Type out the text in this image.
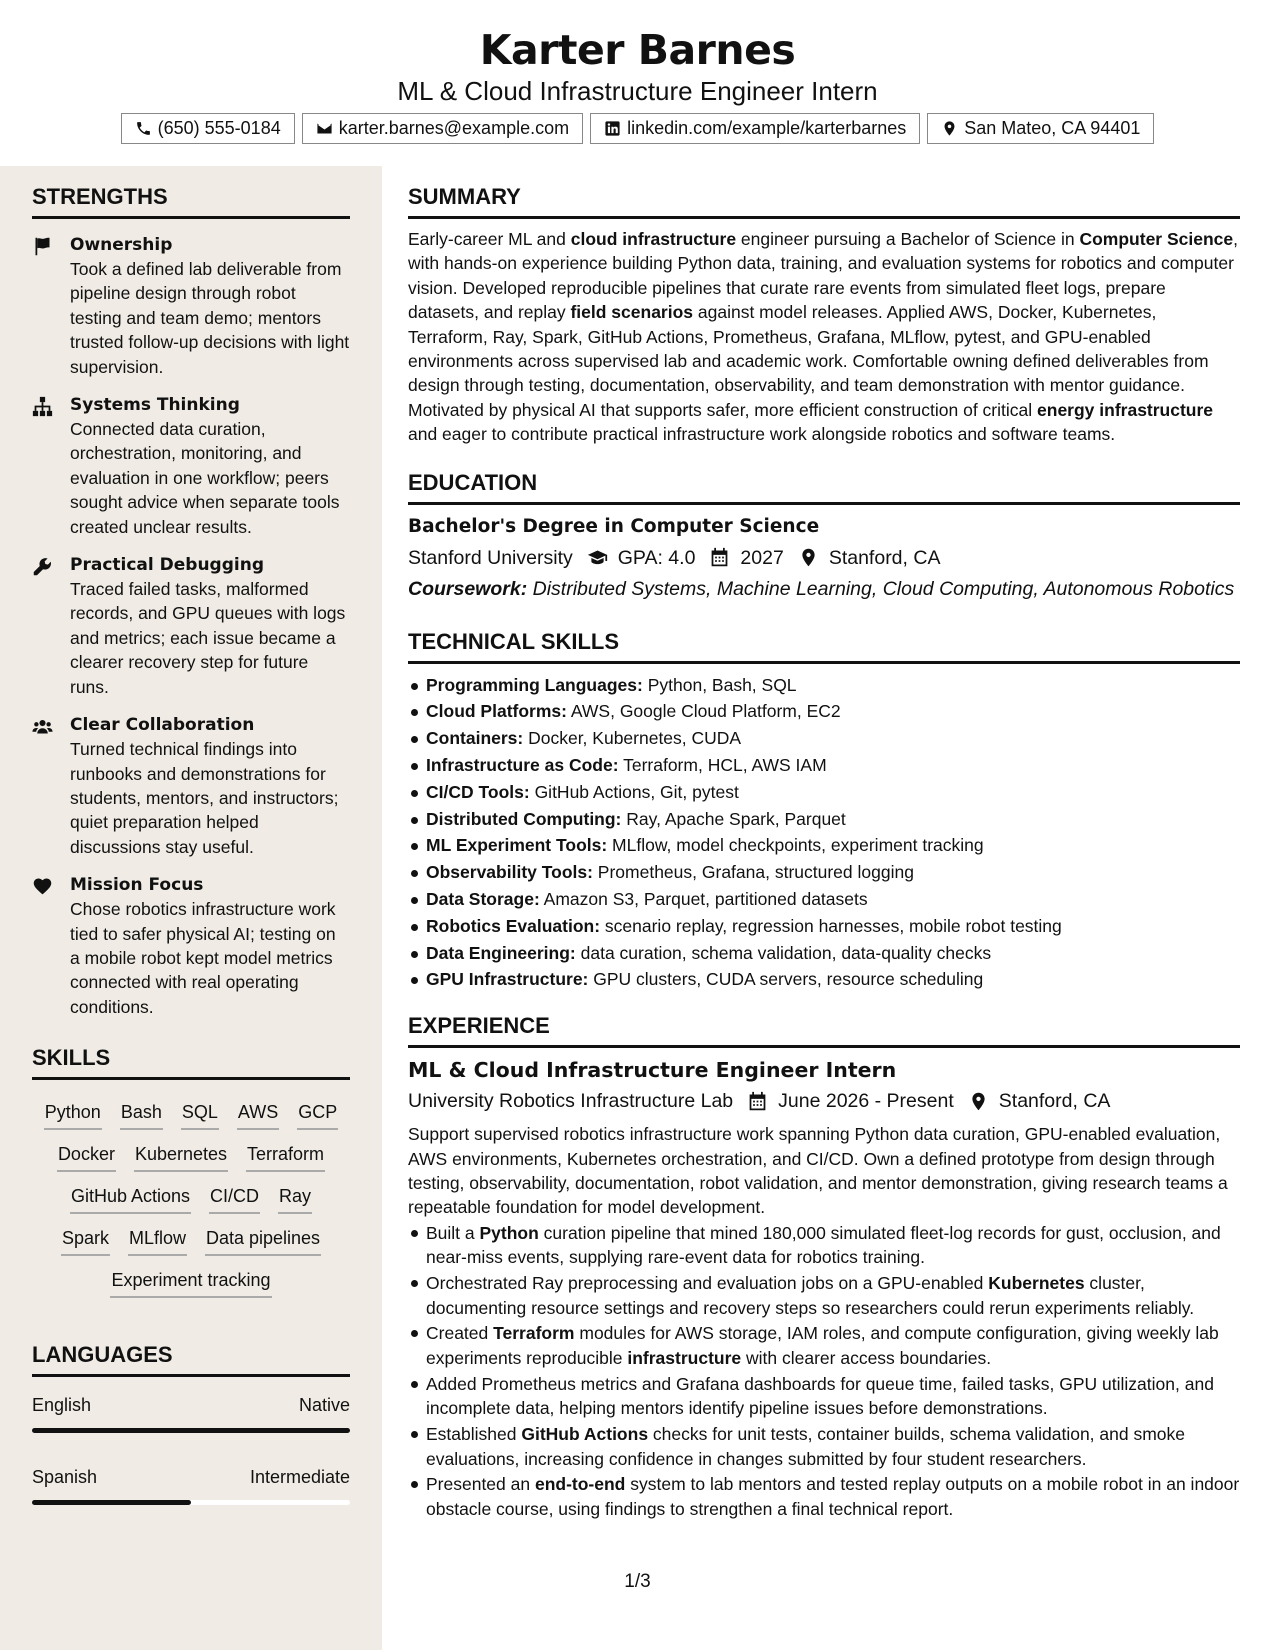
Karter Barnes
ML & Cloud Infrastructure Engineer Intern
(650) 555-0184	karter.barnes@example.com	linkedin.com/example/karterbarnes	San Mateo, CA 94401
STRENGTHS
Ownership

Took a defined lab deliverable from pipeline design through robot testing and team demo; mentors trusted follow-up decisions with light supervision.

Systems Thinking

Connected data curation, orchestration, monitoring, and evaluation in one workflow; peers sought advice when separate tools created unclear results.

Practical Debugging

Traced failed tasks, malformed records, and GPU queues with logs and metrics; each issue became a clearer recovery step for future runs.

Clear Collaboration

Turned technical findings into runbooks and demonstrations for students, mentors, and instructors; quiet preparation helped discussions stay useful.

Mission Focus

Chose robotics infrastructure work tied to safer physical AI; testing on a mobile robot kept model metrics connected with real operating conditions.

SKILLS
Python Bash SQL AWS GCP
Docker Kubernetes Terraform
GitHub Actions CI/CD Ray
Spark MLflow Data pipelines
Experiment tracking
LANGUAGES
English	Native
Spanish	Intermediate
SUMMARY

Early-career ML and cloud infrastructure engineer pursuing a Bachelor of Science in Computer Science, with hands-on experience building Python data, training, and evaluation systems for robotics and computer vision. Developed reproducible pipelines that curate rare events from simulated fleet logs, prepare datasets, and replay field scenarios against model releases. Applied AWS, Docker, Kubernetes, Terraform, Ray, Spark, GitHub Actions, Prometheus, Grafana, MLflow, pytest, and GPU-enabled environments across supervised lab and academic work. Comfortable owning defined deliverables from design through testing, documentation, observability, and team demonstration with mentor guidance. Motivated by physical AI that supports safer, more efficient construction of critical energy infrastructure and eager to contribute practical infrastructure work alongside robotics and software teams.

EDUCATION
Bachelor's Degree in Computer Science
Stanford University GPA: 4.0 2027 Stanford, CA
Coursework: Distributed Systems, Machine Learning, Cloud Computing, Autonomous Robotics
TECHNICAL SKILLS
Programming Languages: Python, Bash, SQL
Cloud Platforms: AWS, Google Cloud Platform, EC2
Containers: Docker, Kubernetes, CUDA
Infrastructure as Code: Terraform, HCL, AWS IAM
CI/CD Tools: GitHub Actions, Git, pytest
Distributed Computing: Ray, Apache Spark, Parquet
ML Experiment Tools: MLflow, model checkpoints, experiment tracking
Observability Tools: Prometheus, Grafana, structured logging
Data Storage: Amazon S3, Parquet, partitioned datasets
Robotics Evaluation: scenario replay, regression harnesses, mobile robot testing
Data Engineering: data curation, schema validation, data-quality checks
GPU Infrastructure: GPU clusters, CUDA servers, resource scheduling
EXPERIENCE
ML & Cloud Infrastructure Engineer Intern
University Robotics Infrastructure Lab June 2026 - Present Stanford, CA

Support supervised robotics infrastructure work spanning Python data curation, GPU-enabled evaluation, AWS environments, Kubernetes orchestration, and CI/CD. Own a defined prototype from design through testing, observability, documentation, robot validation, and mentor demonstration, giving research teams a repeatable foundation for model development.

Built a Python curation pipeline that mined 180,000 simulated fleet-log records for gust, occlusion, and near-miss events, supplying rare-event data for robotics training.
Orchestrated Ray preprocessing and evaluation jobs on a GPU-enabled Kubernetes cluster, documenting resource settings and recovery steps so researchers could rerun experiments reliably.
Created Terraform modules for AWS storage, IAM roles, and compute configuration, giving weekly lab experiments reproducible infrastructure with clearer access boundaries.
Added Prometheus metrics and Grafana dashboards for queue time, failed tasks, GPU utilization, and incomplete data, helping mentors identify pipeline issues before demonstrations.
Established GitHub Actions checks for unit tests, container builds, schema validation, and smoke evaluations, increasing confidence in changes submitted by four student researchers.
Presented an end-to-end system to lab mentors and tested replay outputs on a mobile robot in an indoor obstacle course, using findings to strengthen a final technical report.
1/3
